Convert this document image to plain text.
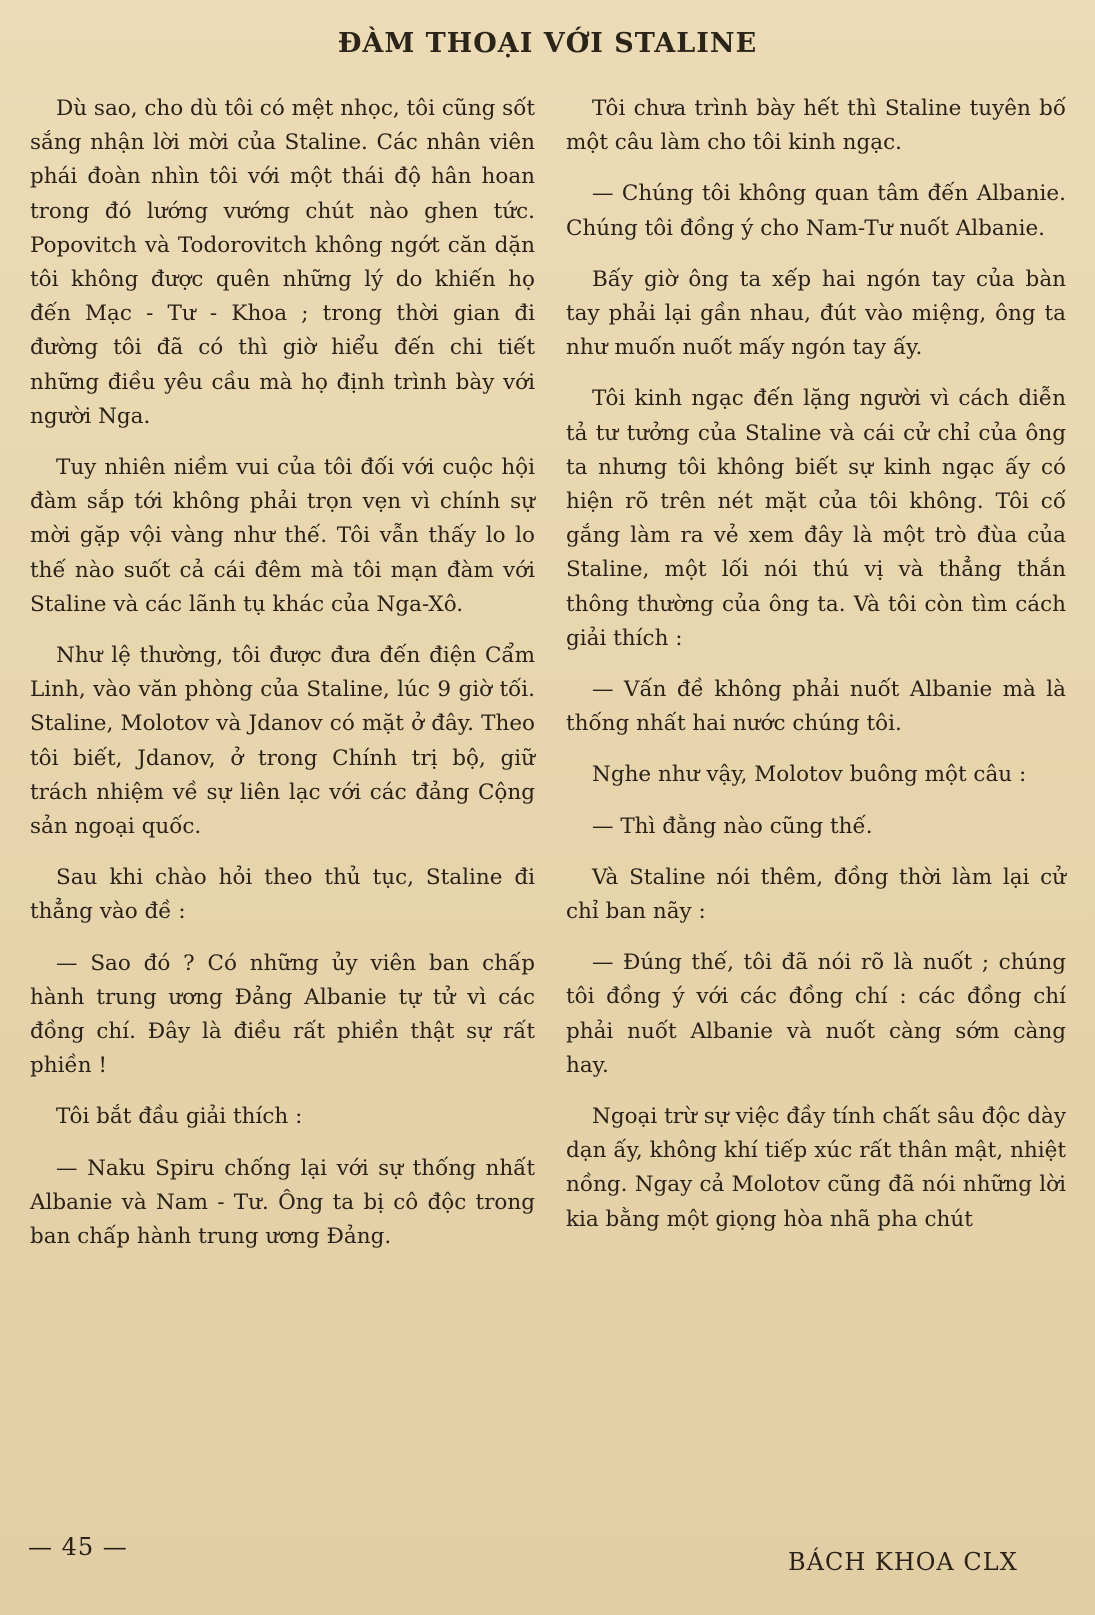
ĐÀM THOẠI VỚI STALINE

Dù sao, cho dù tôi có mệt nhọc, tôi cũng sốt sắng nhận lời mời của Staline. Các nhân viên phái đoàn nhìn tôi với một thái độ hân hoan trong đó lướng vướng chút nào ghen tức. Popovitch và Todorovitch không ngớt căn dặn tôi không được quên những lý do khiến họ đến Mạc - Tư - Khoa ; trong thời gian đi đường tôi đã có thì giờ hiểu đến chi tiết những điều yêu cầu mà họ định trình bày với người Nga.

Tuy nhiên niềm vui của tôi đối với cuộc hội đàm sắp tới không phải trọn vẹn vì chính sự mời gặp vội vàng như thế. Tôi vẫn thấy lo lo thế nào suốt cả cái đêm mà tôi mạn đàm với Staline và các lãnh tụ khác của Nga-Xô.

Như lệ thường, tôi được đưa đến điện Cẩm Linh, vào văn phòng của Staline, lúc 9 giờ tối. Staline, Molotov và Jdanov có mặt ở đây. Theo tôi biết, Jdanov, ở trong Chính trị bộ, giữ trách nhiệm về sự liên lạc với các đảng Cộng sản ngoại quốc.

Sau khi chào hỏi theo thủ tục, Staline đi thẳng vào đề :

— Sao đó ? Có những ủy viên ban chấp hành trung ương Đảng Albanie tự tử vì các đồng chí. Đây là điều rất phiền thật sự rất phiền !

Tôi bắt đầu giải thích :

— Naku Spiru chống lại với sự thống nhất Albanie và Nam - Tư. Ông ta bị cô độc trong ban chấp hành trung ương Đảng.

Tôi chưa trình bày hết thì Staline tuyên bố một câu làm cho tôi kinh ngạc.

— Chúng tôi không quan tâm đến Albanie. Chúng tôi đồng ý cho Nam-Tư nuốt Albanie.

Bấy giờ ông ta xếp hai ngón tay của bàn tay phải lại gần nhau, đút vào miệng, ông ta như muốn nuốt mấy ngón tay ấy.

Tôi kinh ngạc đến lặng người vì cách diễn tả tư tưởng của Staline và cái cử chỉ của ông ta nhưng tôi không biết sự kinh ngạc ấy có hiện rõ trên nét mặt của tôi không. Tôi cố gắng làm ra vẻ xem đây là một trò đùa của Staline, một lối nói thú vị và thẳng thắn thông thường của ông ta. Và tôi còn tìm cách giải thích :

— Vấn đề không phải nuốt Albanie mà là thống nhất hai nước chúng tôi.

Nghe như vậy, Molotov buông một câu :

— Thì đằng nào cũng thế.

Và Staline nói thêm, đồng thời làm lại cử chỉ ban nãy :

— Đúng thế, tôi đã nói rõ là nuốt ; chúng tôi đồng ý với các đồng chí : các đồng chí phải nuốt Albanie và nuốt càng sớm càng hay.

Ngoại trừ sự việc đầy tính chất sâu độc dày dạn ấy, không khí tiếp xúc rất thân mật, nhiệt nồng. Ngay cả Molotov cũng đã nói những lời kia bằng một giọng hòa nhã pha chút

— 45 —
BÁCH KHOA CLX
